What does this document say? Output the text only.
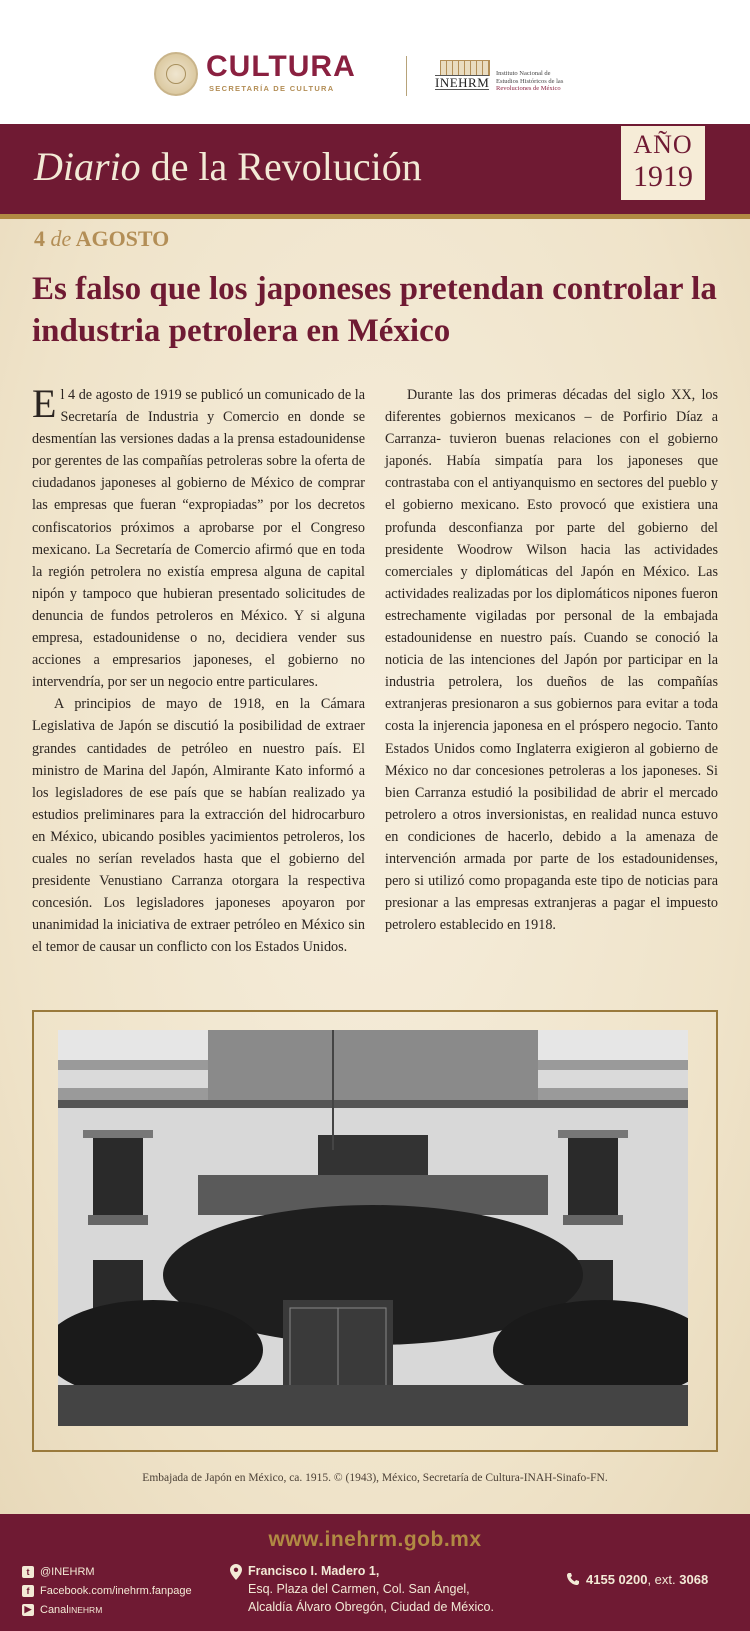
CULTURA
SECRETARÍA DE CULTURA	INEHRM
Instituto Nacional de
Estudios Históricos de las
Revoluciones de México
Diario de la Revolución	AÑO
1919
4 de AGOSTO
Es falso que los japoneses pretendan controlar la industria petrolera en México

El 4 de agosto de 1919 se publicó un comunicado de la Secretaría de Industria y Comercio en donde se desmentían las versiones dadas a la prensa estadounidense por gerentes de las compañías petroleras sobre la oferta de ciudadanos japoneses al gobierno de México de comprar las empresas que fueran “expropiadas” por los decretos confiscatorios próximos a aprobarse por el Congreso mexicano. La Secretaría de Comercio afirmó que en toda la región petrolera no existía empresa alguna de capital nipón y tampoco que hubieran presentado solicitudes de denuncia de fundos petroleros en México. Y si alguna empresa, estadounidense o no, decidiera vender sus acciones a empresarios japoneses, el gobierno no intervendría, por ser un negocio entre particulares.

A principios de mayo de 1918, en la Cámara Legislativa de Japón se discutió la posibilidad de extraer grandes cantidades de petróleo en nuestro país. El ministro de Marina del Japón, Almirante Kato informó a los legisladores de ese país que se habían realizado ya estudios preliminares para la extracción del hidrocarburo en México, ubicando posibles yacimientos petroleros, los cuales no serían revelados hasta que el gobierno del presidente Venustiano Carranza otorgara la respectiva concesión. Los legisladores japoneses apoyaron por unanimidad la iniciativa de extraer petróleo en México sin el temor de causar un conflicto con los Estados Unidos.

Durante las dos primeras décadas del siglo XX, los diferentes gobiernos mexicanos – de Porfirio Díaz a Carranza- tuvieron buenas relaciones con el gobierno japonés. Había simpatía para los japoneses que contrastaba con el antiyanquismo en sectores del pueblo y el gobierno mexicano. Esto provocó que existiera una profunda desconfianza por parte del gobierno del presidente Woodrow Wilson hacia las actividades comerciales y diplomáticas del Japón en México. Las actividades realizadas por los diplomáticos nipones fueron estrechamente vigiladas por personal de la embajada estadounidense en nuestro país. Cuando se conoció la noticia de las intenciones del Japón por participar en la industria petrolera, los dueños de las compañías extranjeras presionaron a sus gobiernos para evitar a toda costa la injerencia japonesa en el próspero negocio. Tanto Estados Unidos como Inglaterra exigieron al gobierno de México no dar concesiones petroleras a los japoneses. Si bien Carranza estudió la posibilidad de abrir el mercado petrolero a otros inversionistas, en realidad nunca estuvo en condiciones de hacerlo, debido a la amenaza de intervención armada por parte de los estadounidenses, pero si utilizó como propaganda este tipo de noticias para presionar a las empresas extranjeras a pagar el impuesto petrolero establecido en 1918.

Embajada de Japón en México, ca. 1915. © (1943), México, Secretaría de Cultura-INAH-Sinafo-FN.
www.inehrm.gob.mx
t @INEHRM
f Facebook.com/inehrm.fanpage
▶ Canal INEHRM
Francisco I. Madero 1,
Esq. Plaza del Carmen, Col. San Ángel,
Alcaldía Álvaro Obregón, Ciudad de México.
4155 0200, ext. 3068
